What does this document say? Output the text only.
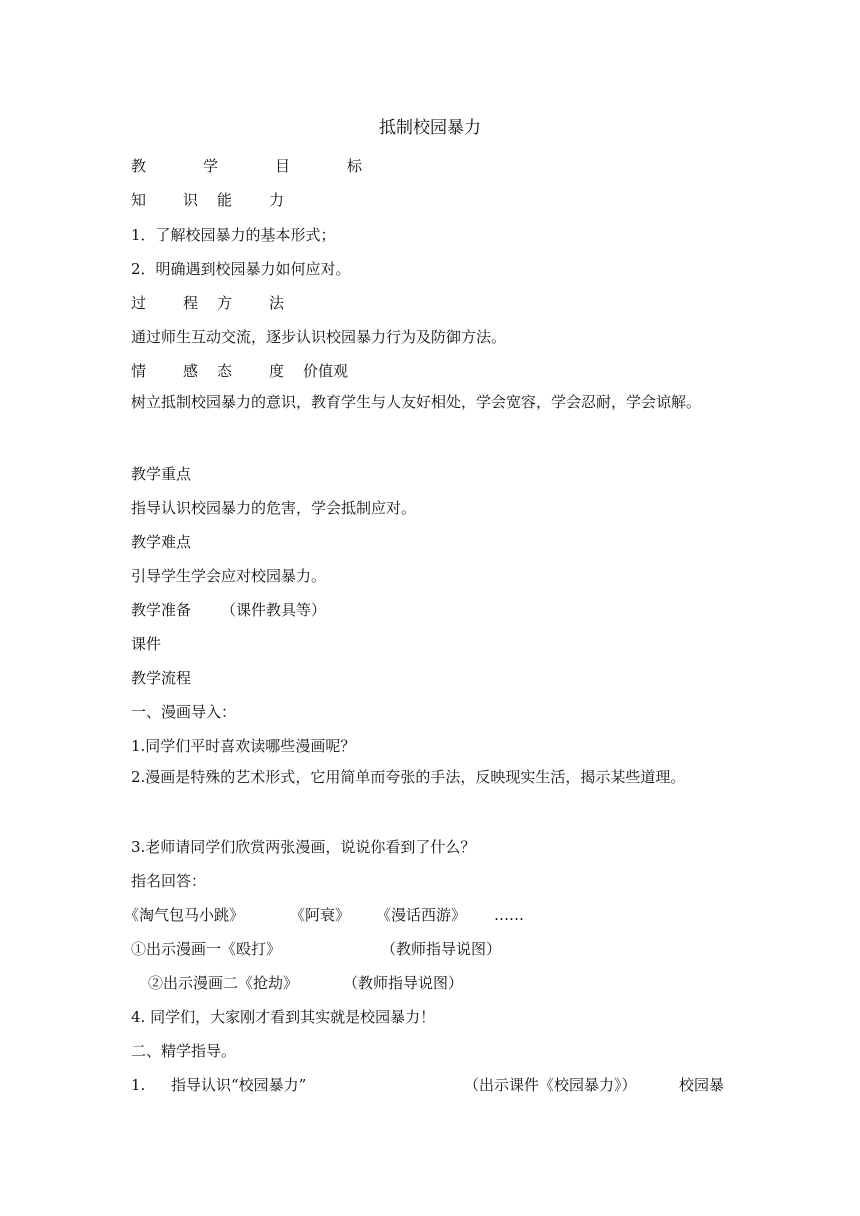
抵制校园暴力
教	学	目	标
知 识 能 力
1．了解校园暴力的基本形式；
2．明确遇到校园暴力如何应对。
过 程 方 法
通过师生互动交流，逐步认识校园暴力行为及防御方法。
情 感 态 度 价值观
树立抵制校园暴力的意识，教育学生与人友好相处，学会宽容，学会忍耐，学会谅解。
教学重点
指导认识校园暴力的危害，学会抵制应对。
教学难点
引导学生学会应对校园暴力。
教学准备 （课件教具等）
课件
教学流程
一、漫画导入：
1.同学们平时喜欢读哪些漫画呢？
2.漫画是特殊的艺术形式，它用简单而夸张的手法，反映现实生活，揭示某些道理。
3.老师请同学们欣赏两张漫画，说说你看到了什么？
指名回答：
《淘气包马小跳》	《阿衰》 《漫话西游》 ……
①出示漫画一《殴打》	（教师指导说图）
②出示漫画二《抢劫》	（教师指导说图）
4. 同学们，大家刚才看到其实就是校园暴力！
二、精学指导。
1. 指导认识“校园暴力”	（出示课件《校园暴力》）	校园暴
